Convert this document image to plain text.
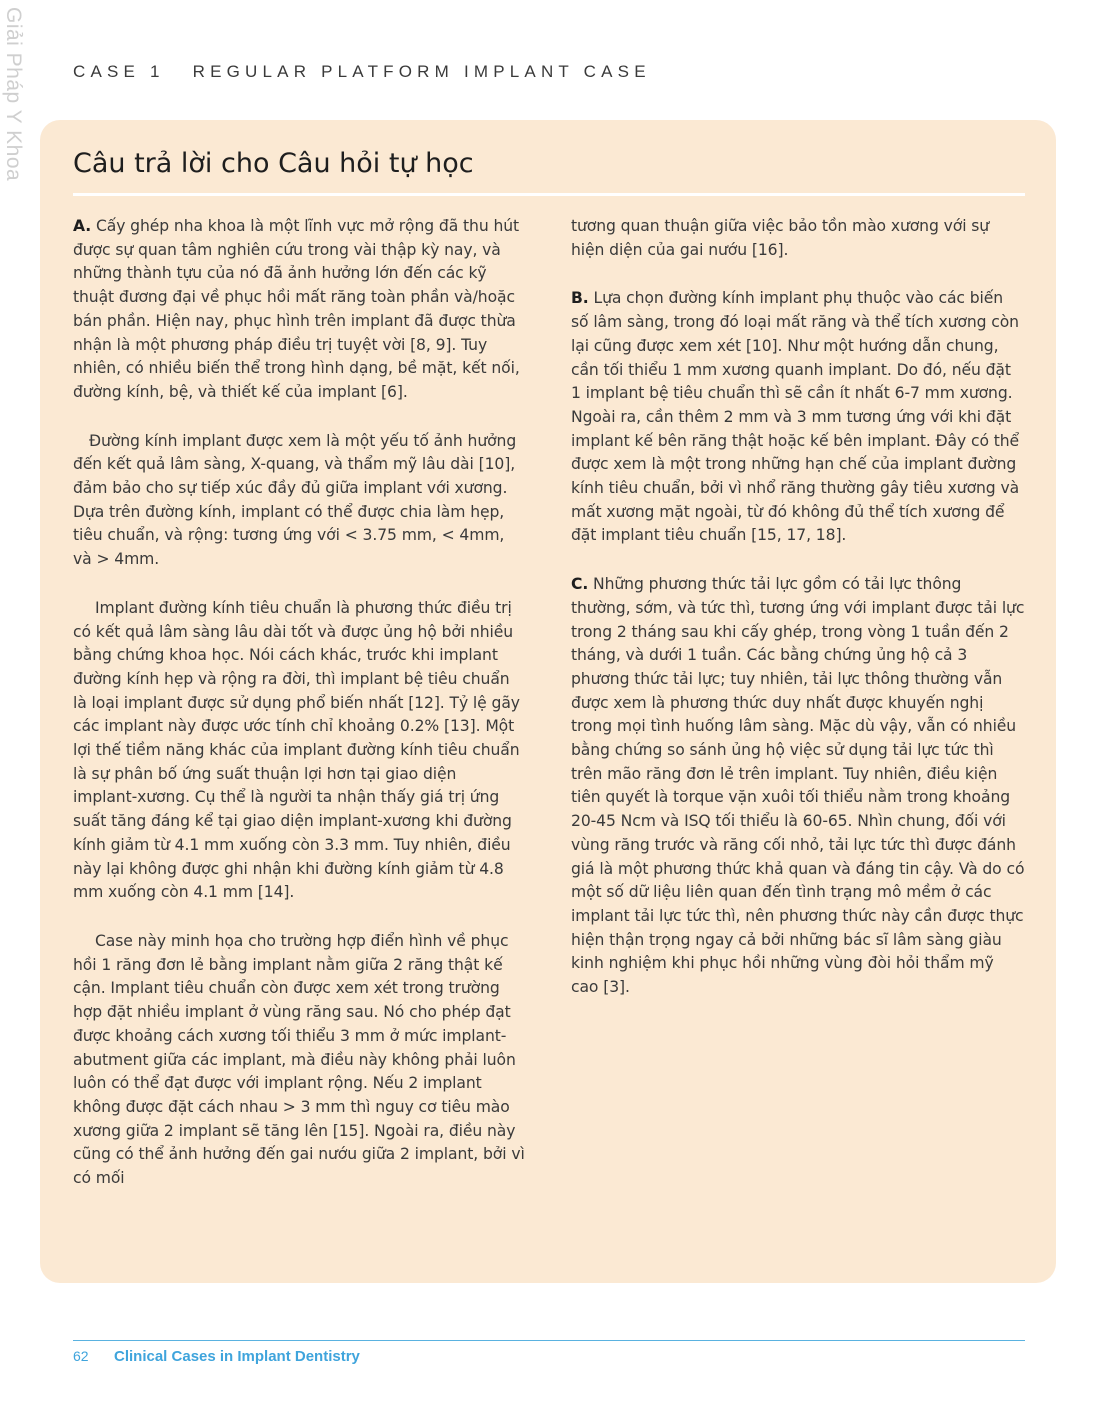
Giải Pháp Y Khoa	CASE 1 REGULAR PLATFORM IMPLANT CASE
Câu trả lời cho Câu hỏi tự học

A. Cấy ghép nha khoa là một lĩnh vực mở rộng đã thu hút được sự quan tâm nghiên cứu trong vài thập kỳ nay, và những thành tựu của nó đã ảnh hưởng lớn đến các kỹ thuật đương đại về phục hồi mất răng toàn phần và/hoặc bán phần. Hiện nay, phục hình trên implant đã được thừa nhận là một phương pháp điều trị tuyệt vời [8, 9]. Tuy nhiên, có nhiều biến thể trong hình dạng, bề mặt, kết nối, đường kính, bệ, và thiết kế của implant [6].

Đường kính implant được xem là một yếu tố ảnh hưởng đến kết quả lâm sàng, X-quang, và thẩm mỹ lâu dài [10], đảm bảo cho sự tiếp xúc đầy đủ giữa implant với xương. Dựa trên đường kính, implant có thể được chia làm hẹp, tiêu chuẩn, và rộng: tương ứng với < 3.75 mm, < 4mm, và > 4mm.

Implant đường kính tiêu chuẩn là phương thức điều trị có kết quả lâm sàng lâu dài tốt và được ủng hộ bởi nhiều bằng chứng khoa học. Nói cách khác, trước khi implant đường kính hẹp và rộng ra đời, thì implant bệ tiêu chuẩn là loại implant được sử dụng phổ biến nhất [12]. Tỷ lệ gãy các implant này được ước tính chỉ khoảng 0.2% [13]. Một lợi thế tiềm năng khác của implant đường kính tiêu chuẩn là sự phân bố ứng suất thuận lợi hơn tại giao diện implant-xương. Cụ thể là người ta nhận thấy giá trị ứng suất tăng đáng kể tại giao diện implant-xương khi đường kính giảm từ 4.1 mm xuống còn 3.3 mm. Tuy nhiên, điều này lại không được ghi nhận khi đường kính giảm từ 4.8 mm xuống còn 4.1 mm [14].

Case này minh họa cho trường hợp điển hình về phục hồi 1 răng đơn lẻ bằng implant nằm giữa 2 răng thật kế cận. Implant tiêu chuẩn còn được xem xét trong trường hợp đặt nhiều implant ở vùng răng sau. Nó cho phép đạt được khoảng cách xương tối thiểu 3 mm ở mức implant-abutment giữa các implant, mà điều này không phải luôn luôn có thể đạt được với implant rộng. Nếu 2 implant không được đặt cách nhau > 3 mm thì nguy cơ tiêu mào xương giữa 2 implant sẽ tăng lên [15]. Ngoài ra, điều này cũng có thể ảnh hưởng đến gai nướu giữa 2 implant, bởi vì có mối

tương quan thuận giữa việc bảo tồn mào xương với sự hiện diện của gai nướu [16].

B. Lựa chọn đường kính implant phụ thuộc vào các biến số lâm sàng, trong đó loại mất răng và thể tích xương còn lại cũng được xem xét [10]. Như một hướng dẫn chung, cần tối thiểu 1 mm xương quanh implant. Do đó, nếu đặt 1 implant bệ tiêu chuẩn thì sẽ cần ít nhất 6-7 mm xương. Ngoài ra, cần thêm 2 mm và 3 mm tương ứng với khi đặt implant kế bên răng thật hoặc kế bên implant. Đây có thể được xem là một trong những hạn chế của implant đường kính tiêu chuẩn, bởi vì nhổ răng thường gây tiêu xương và mất xương mặt ngoài, từ đó không đủ thể tích xương để đặt implant tiêu chuẩn [15, 17, 18].

C. Những phương thức tải lực gồm có tải lực thông thường, sớm, và tức thì, tương ứng với implant được tải lực trong 2 tháng sau khi cấy ghép, trong vòng 1 tuần đến 2 tháng, và dưới 1 tuần. Các bằng chứng ủng hộ cả 3 phương thức tải lực; tuy nhiên, tải lực thông thường vẫn được xem là phương thức duy nhất được khuyến nghị trong mọi tình huống lâm sàng. Mặc dù vậy, vẫn có nhiều bằng chứng so sánh ủng hộ việc sử dụng tải lực tức thì trên mão răng đơn lẻ trên implant. Tuy nhiên, điều kiện tiên quyết là torque vặn xuôi tối thiểu nằm trong khoảng 20-45 Ncm và ISQ tối thiểu là 60-65. Nhìn chung, đối với vùng răng trước và răng cối nhỏ, tải lực tức thì được đánh giá là một phương thức khả quan và đáng tin cậy. Và do có một số dữ liệu liên quan đến tình trạng mô mềm ở các implant tải lực tức thì, nên phương thức này cần được thực hiện thận trọng ngay cả bởi những bác sĩ lâm sàng giàu kinh nghiệm khi phục hồi những vùng đòi hỏi thẩm mỹ cao [3].

62 Clinical Cases in Implant Dentistry
